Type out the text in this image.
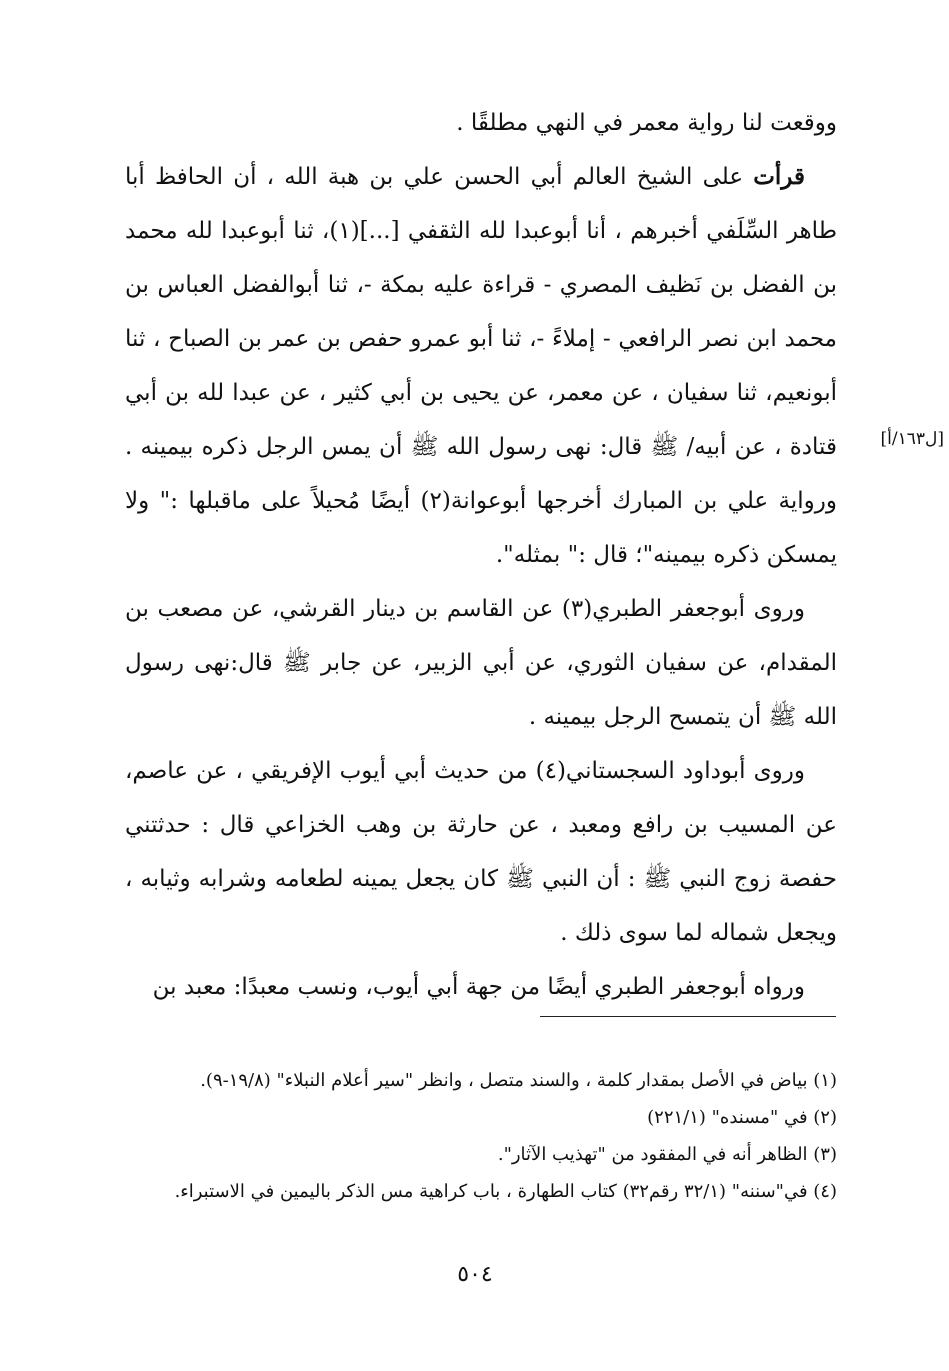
[ل١٦٣/أ]

ووقعت لنا رواية معمر في النهي مطلقًا .

قرأت على الشيخ العالم أبي الحسن علي بن هبة الله ، أن الحافظ أبا طاهر السِّلَفي أخبرهم ، أنا أبوعبدا لله الثقفي [...](١)، ثنا أبوعبدا لله محمد بن الفضل بن نَظيف المصري - قراءة عليه بمكة -، ثنا أبوالفضل العباس بن محمد ابن نصر الرافعي - إملاءً -، ثنا أبو عمرو حفص بن عمر بن الصباح ، ثنا أبونعيم، ثنا سفيان ، عن معمر، عن يحيى بن أبي كثير ، عن عبدا لله بن أبي قتادة ، عن أبيه/ ﷺ قال: نهى رسول الله ﷺ أن يمس الرجل ذكره بيمينه . ورواية علي بن المبارك أخرجها أبوعوانة(٢) أيضًا مُحيلاً على ماقبلها :" ولا يمسكن ذكره بيمينه"؛ قال :" بمثله".

وروى أبوجعفر الطبري(٣) عن القاسم بن دينار القرشي، عن مصعب بن المقدام، عن سفيان الثوري، عن أبي الزبير، عن جابر ﷺ قال:نهى رسول الله ﷺ أن يتمسح الرجل بيمينه .

وروى أبوداود السجستاني(٤) من حديث أبي أيوب الإفريقي ، عن عاصم، عن المسيب بن رافع ومعبد ، عن حارثة بن وهب الخزاعي قال : حدثتني حفصة زوج النبي ﷺ : أن النبي ﷺ كان يجعل يمينه لطعامه وشرابه وثيابه ، ويجعل شماله لما سوى ذلك .

ورواه أبوجعفر الطبري أيضًا من جهة أبي أيوب، ونسب معبدًا: معبد بن

(١) بياض في الأصل بمقدار كلمة ، والسند متصل ، وانظر "سير أعلام النبلاء" (١٩/٨-٩).

(٢) في "مسنده" (٢٢١/١)

(٣) الظاهر أنه في المفقود من "تهذيب الآثار".

(٤) في"سننه" (٣٢/١ رقم٣٢) كتاب الطهارة ، باب كراهية مس الذكر باليمين في الاستبراء.

٥٠٤
